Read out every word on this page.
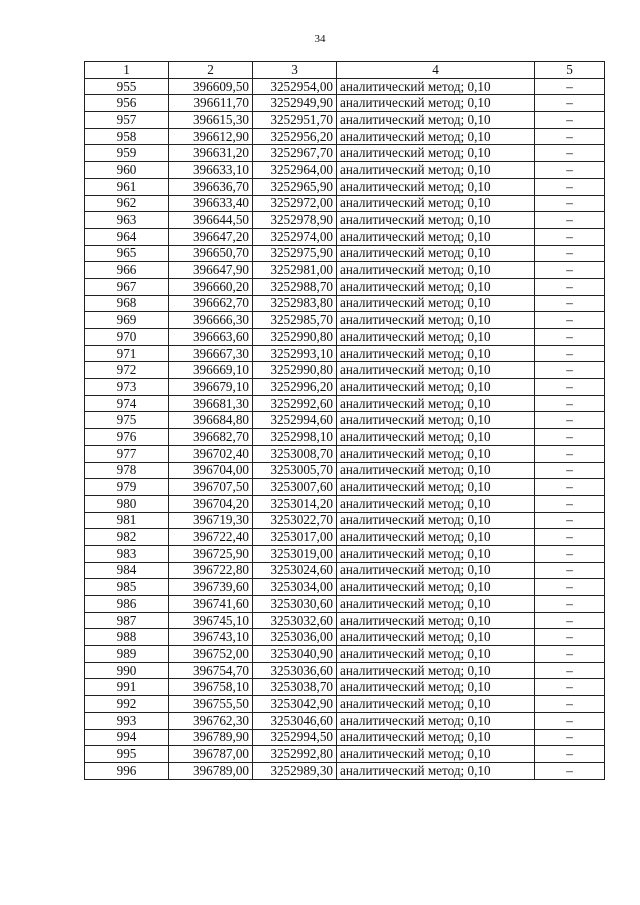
34
1	2	3	4	5
955	396609,50	3252954,00	аналитический метод; 0,10	–
956	396611,70	3252949,90	аналитический метод; 0,10	–
957	396615,30	3252951,70	аналитический метод; 0,10	–
958	396612,90	3252956,20	аналитический метод; 0,10	–
959	396631,20	3252967,70	аналитический метод; 0,10	–
960	396633,10	3252964,00	аналитический метод; 0,10	–
961	396636,70	3252965,90	аналитический метод; 0,10	–
962	396633,40	3252972,00	аналитический метод; 0,10	–
963	396644,50	3252978,90	аналитический метод; 0,10	–
964	396647,20	3252974,00	аналитический метод; 0,10	–
965	396650,70	3252975,90	аналитический метод; 0,10	–
966	396647,90	3252981,00	аналитический метод; 0,10	–
967	396660,20	3252988,70	аналитический метод; 0,10	–
968	396662,70	3252983,80	аналитический метод; 0,10	–
969	396666,30	3252985,70	аналитический метод; 0,10	–
970	396663,60	3252990,80	аналитический метод; 0,10	–
971	396667,30	3252993,10	аналитический метод; 0,10	–
972	396669,10	3252990,80	аналитический метод; 0,10	–
973	396679,10	3252996,20	аналитический метод; 0,10	–
974	396681,30	3252992,60	аналитический метод; 0,10	–
975	396684,80	3252994,60	аналитический метод; 0,10	–
976	396682,70	3252998,10	аналитический метод; 0,10	–
977	396702,40	3253008,70	аналитический метод; 0,10	–
978	396704,00	3253005,70	аналитический метод; 0,10	–
979	396707,50	3253007,60	аналитический метод; 0,10	–
980	396704,20	3253014,20	аналитический метод; 0,10	–
981	396719,30	3253022,70	аналитический метод; 0,10	–
982	396722,40	3253017,00	аналитический метод; 0,10	–
983	396725,90	3253019,00	аналитический метод; 0,10	–
984	396722,80	3253024,60	аналитический метод; 0,10	–
985	396739,60	3253034,00	аналитический метод; 0,10	–
986	396741,60	3253030,60	аналитический метод; 0,10	–
987	396745,10	3253032,60	аналитический метод; 0,10	–
988	396743,10	3253036,00	аналитический метод; 0,10	–
989	396752,00	3253040,90	аналитический метод; 0,10	–
990	396754,70	3253036,60	аналитический метод; 0,10	–
991	396758,10	3253038,70	аналитический метод; 0,10	–
992	396755,50	3253042,90	аналитический метод; 0,10	–
993	396762,30	3253046,60	аналитический метод; 0,10	–
994	396789,90	3252994,50	аналитический метод; 0,10	–
995	396787,00	3252992,80	аналитический метод; 0,10	–
996	396789,00	3252989,30	аналитический метод; 0,10	–
